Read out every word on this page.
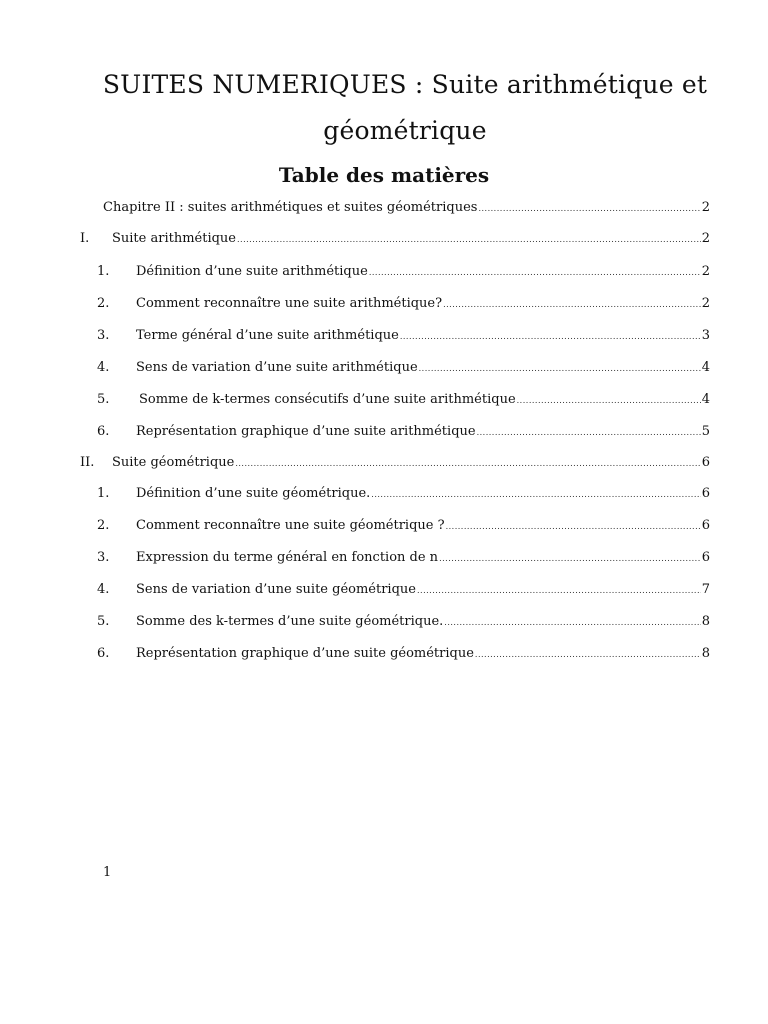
SUITES NUMERIQUES : Suite arithmétique et
géométrique
Table des matières
Chapitre II : suites arithmétiques et suites géométriques .....	2
I.	Suite arithmétique .....	2
1.	Définition d’une suite arithmétique .....	2
2.	Comment reconnaître une suite arithmétique? .....	2
3.	Terme général d’une suite arithmétique .....	3
4.	Sens de variation d’une suite arithmétique .....	4
5.	Somme de k-termes consécutifs d’une suite arithmétique .....	4
6.	Représentation graphique d’une suite arithmétique .....	5
II.	Suite géométrique .....	6
1.	Définition d’une suite géométrique. .....	6
2.	Comment reconnaître une suite géométrique ? .....	6
3.	Expression du terme général en fonction de n .....	6
4.	Sens de variation d’une suite géométrique .....	7
5.	Somme des k-termes d’une suite géométrique. .....	8
6.	Représentation graphique d’une suite géométrique .....	8
1
